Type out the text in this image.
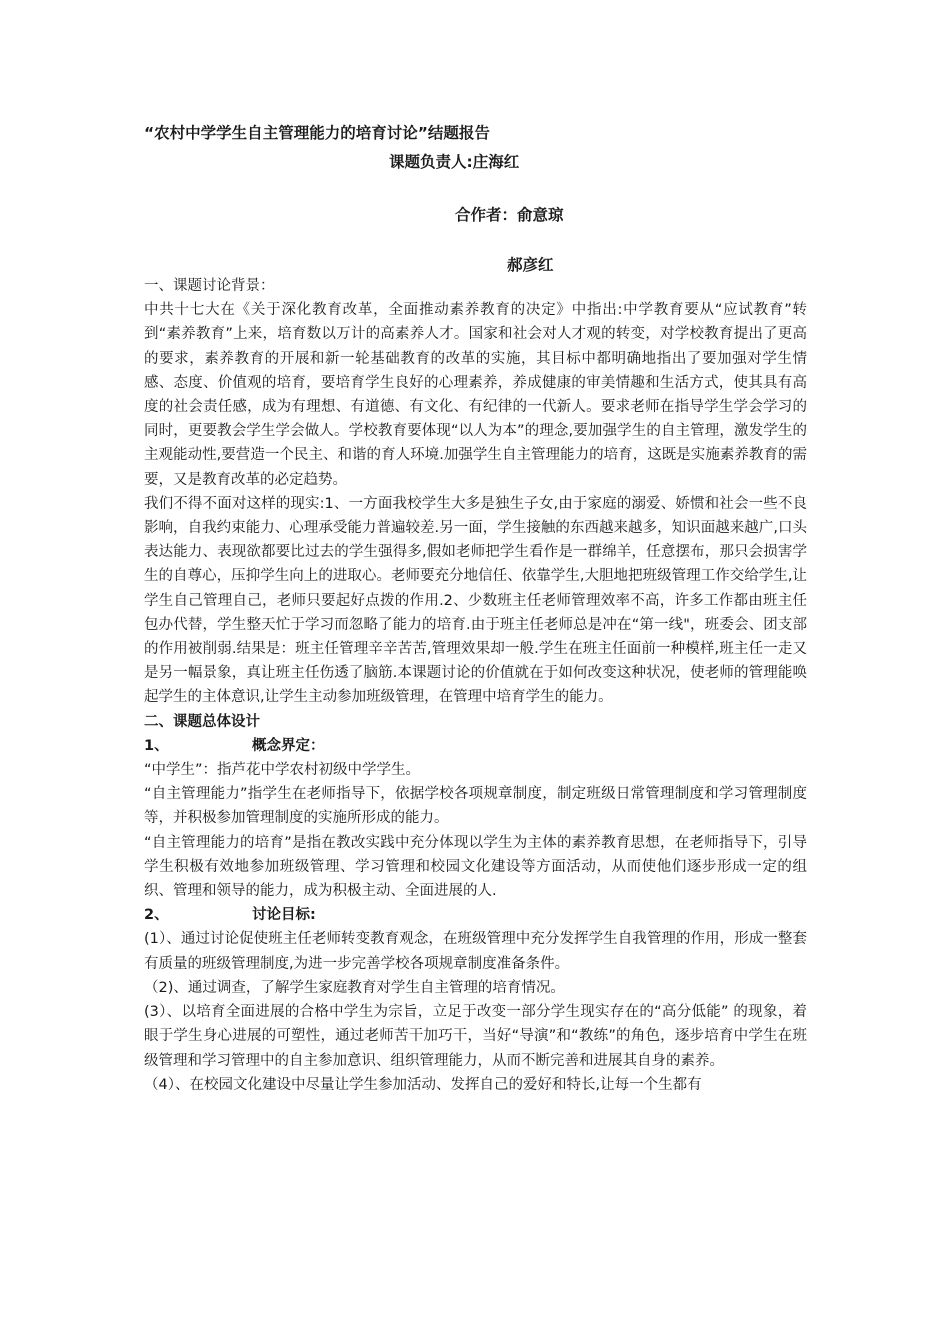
“农村中学学生自主管理能力的培育讨论”结题报告
课题负责人:庄海红
合作者：俞意琼
郝彦红

一、课题讨论背景：

中共十七大在《关于深化教育改革，全面推动素养教育的决定》中指出:中学教育要从“应试教育”转到“素养教育”上来，培育数以万计的高素养人才。国家和社会对人才观的转变，对学校教育提出了更高的要求，素养教育的开展和新一轮基础教育的改革的实施，其目标中都明确地指出了要加强对学生情感、态度、价值观的培育，要培育学生良好的心理素养，养成健康的审美情趣和生活方式，使其具有高度的社会责任感，成为有理想、有道德、有文化、有纪律的一代新人。要求老师在指导学生学会学习的同时，更要教会学生学会做人。学校教育要体现“以人为本”的理念,要加强学生的自主管理，激发学生的主观能动性,要营造一个民主、和谐的育人环境.加强学生自主管理能力的培育，这既是实施素养教育的需要，又是教育改革的必定趋势。

我们不得不面对这样的现实:1、一方面我校学生大多是独生子女,由于家庭的溺爱、娇惯和社会一些不良影响，自我约束能力、心理承受能力普遍较差.另一面，学生接触的东西越来越多，知识面越来越广,口头表达能力、表现欲都要比过去的学生强得多,假如老师把学生看作是一群绵羊，任意摆布，那只会损害学生的自尊心，压抑学生向上的进取心。老师要充分地信任、依靠学生,大胆地把班级管理工作交给学生,让学生自己管理自己，老师只要起好点拨的作用.2、少数班主任老师管理效率不高，许多工作都由班主任包办代替，学生整天忙于学习而忽略了能力的培育.由于班主任老师总是冲在“第一线"，班委会、团支部的作用被削弱.结果是：班主任管理辛辛苦苦,管理效果却一般.学生在班主任面前一种模样,班主任一走又是另一幅景象，真让班主任伤透了脑筋.本课题讨论的价值就在于如何改变这种状况，使老师的管理能唤起学生的主体意识,让学生主动参加班级管理，在管理中培育学生的能力。

二、课题总体设计

1、	概念界定：

“中学生”：指芦花中学农村初级中学学生。

“自主管理能力”指学生在老师指导下，依据学校各项规章制度，制定班级日常管理制度和学习管理制度等，并积极参加管理制度的实施所形成的能力。

“自主管理能力的培育”是指在教改实践中充分体现以学生为主体的素养教育思想，在老师指导下，引导学生积极有效地参加班级管理、学习管理和校园文化建设等方面活动，从而使他们逐步形成一定的组织、管理和领导的能力，成为积极主动、全面进展的人.

2、	讨论目标:

(1）、通过讨论促使班主任老师转变教育观念，在班级管理中充分发挥学生自我管理的作用，形成一整套有质量的班级管理制度,为进一步完善学校各项规章制度准备条件。

（2)、通过调查，了解学生家庭教育对学生自主管理的培育情况。

(3）、以培育全面进展的合格中学生为宗旨，立足于改变一部分学生现实存在的“高分低能” 的现象，着眼于学生身心进展的可塑性，通过老师苦干加巧干，当好“导演”和“教练”的角色，逐步培育中学生在班级管理和学习管理中的自主参加意识、组织管理能力，从而不断完善和进展其自身的素养。

（4）、在校园文化建设中尽量让学生参加活动、发挥自己的爱好和特长,让每一个生都有
